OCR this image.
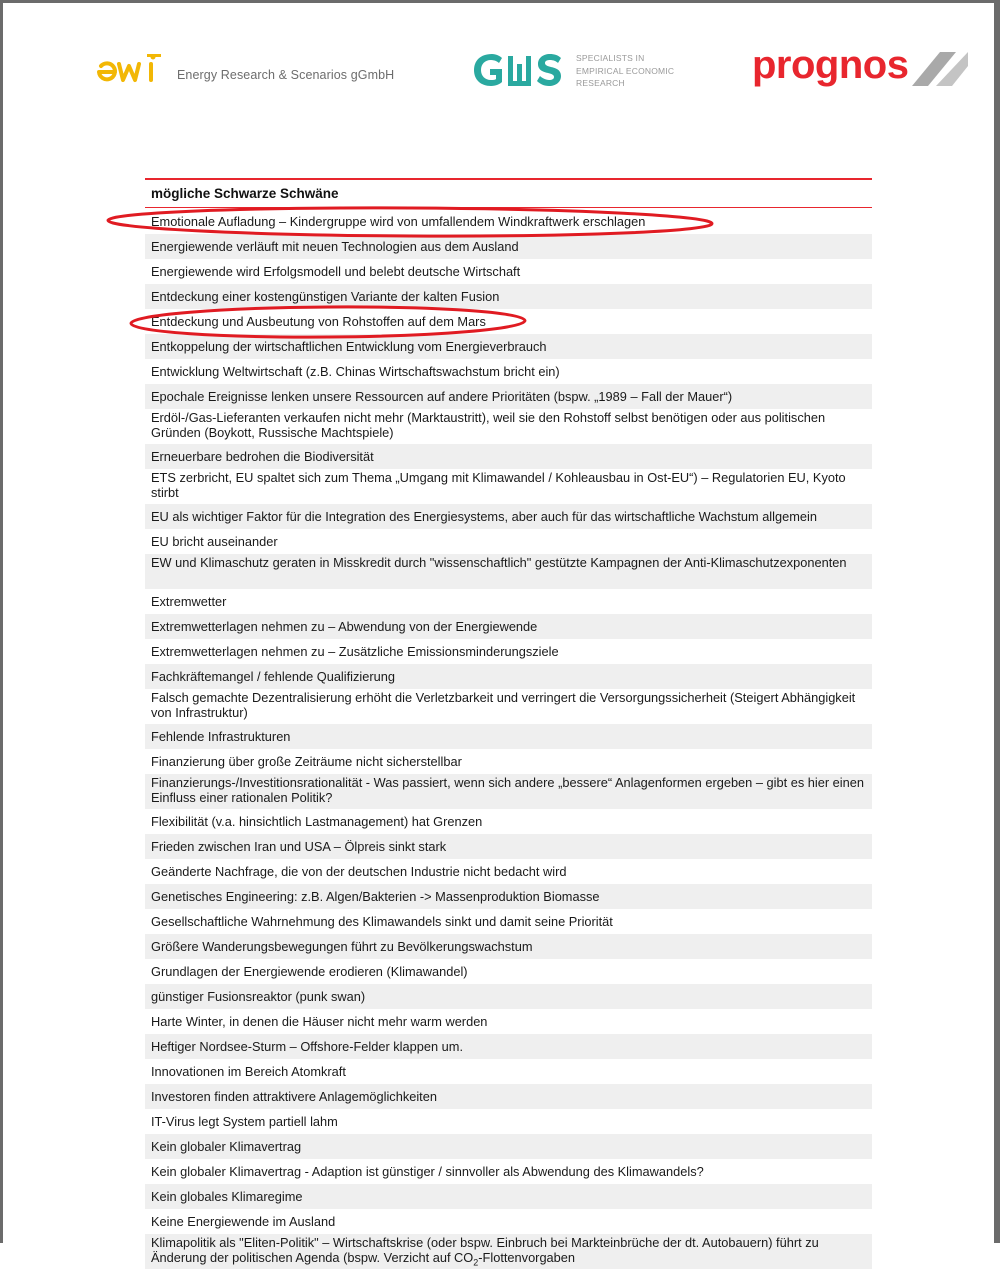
Energy Research & Scenarios gGmbH
SPECIALISTS IN
EMPIRICAL ECONOMIC
RESEARCH	prognos
mögliche Schwarze Schwäne
Emotionale Aufladung – Kindergruppe wird von umfallendem Windkraftwerk erschlagen
Energiewende verläuft mit neuen Technologien aus dem Ausland
Energiewende wird Erfolgsmodell und belebt deutsche Wirtschaft
Entdeckung einer kostengünstigen Variante der kalten Fusion
Entdeckung und Ausbeutung von Rohstoffen auf dem Mars
Entkoppelung der wirtschaftlichen Entwicklung vom Energieverbrauch
Entwicklung Weltwirtschaft (z.B. Chinas Wirtschaftswachstum bricht ein)
Epochale Ereignisse lenken unsere Ressourcen auf andere Prioritäten (bspw. „1989 – Fall der Mauer“)
Erdöl-/Gas-Lieferanten verkaufen nicht mehr (Marktaustritt), weil sie den Rohstoff selbst benötigen oder aus politischen Gründen (Boykott, Russische Machtspiele)
Erneuerbare bedrohen die Biodiversität
ETS zerbricht, EU spaltet sich zum Thema „Umgang mit Klimawandel / Kohleausbau in Ost-EU“) – Regulatorien EU, Kyoto stirbt
EU als wichtiger Faktor für die Integration des Energiesystems, aber auch für das wirtschaftliche Wachstum allgemein
EU bricht auseinander
EW und Klimaschutz geraten in Misskredit durch "wissenschaftlich" gestützte Kampagnen der Anti-Klimaschutzexponenten
Extremwetter
Extremwetterlagen nehmen zu – Abwendung von der Energiewende
Extremwetterlagen nehmen zu – Zusätzliche Emissionsminderungsziele
Fachkräftemangel / fehlende Qualifizierung
Falsch gemachte Dezentralisierung erhöht die Verletzbarkeit und verringert die Versorgungssicherheit (Steigert Abhängigkeit von Infrastruktur)
Fehlende Infrastrukturen
Finanzierung über große Zeiträume nicht sicherstellbar
Finanzierungs-/Investitionsrationalität - Was passiert, wenn sich andere „bessere“ Anlagenformen ergeben – gibt es hier einen Einfluss einer rationalen Politik?
Flexibilität (v.a. hinsichtlich Lastmanagement) hat Grenzen
Frieden zwischen Iran und USA – Ölpreis sinkt stark
Geänderte Nachfrage, die von der deutschen Industrie nicht bedacht wird
Genetisches Engineering: z.B. Algen/Bakterien -> Massenproduktion Biomasse
Gesellschaftliche Wahrnehmung des Klimawandels sinkt und damit seine Priorität
Größere Wanderungsbewegungen führt zu Bevölkerungswachstum
Grundlagen der Energiewende erodieren (Klimawandel)
günstiger Fusionsreaktor (punk swan)
Harte Winter, in denen die Häuser nicht mehr warm werden
Heftiger Nordsee-Sturm – Offshore-Felder klappen um.
Innovationen im Bereich Atomkraft
Investoren finden attraktivere Anlagemöglichkeiten
IT-Virus legt System partiell lahm
Kein globaler Klimavertrag
Kein globaler Klimavertrag - Adaption ist günstiger / sinnvoller als Abwendung des Klimawandels?
Kein globales Klimaregime
Keine Energiewende im Ausland
Klimapolitik als "Eliten-Politik" – Wirtschaftskrise (oder bspw. Einbruch bei Markteinbrüche der dt. Autobauern) führt zu Änderung der politischen Agenda (bspw. Verzicht auf $CO_2$-Flottenvorgaben
